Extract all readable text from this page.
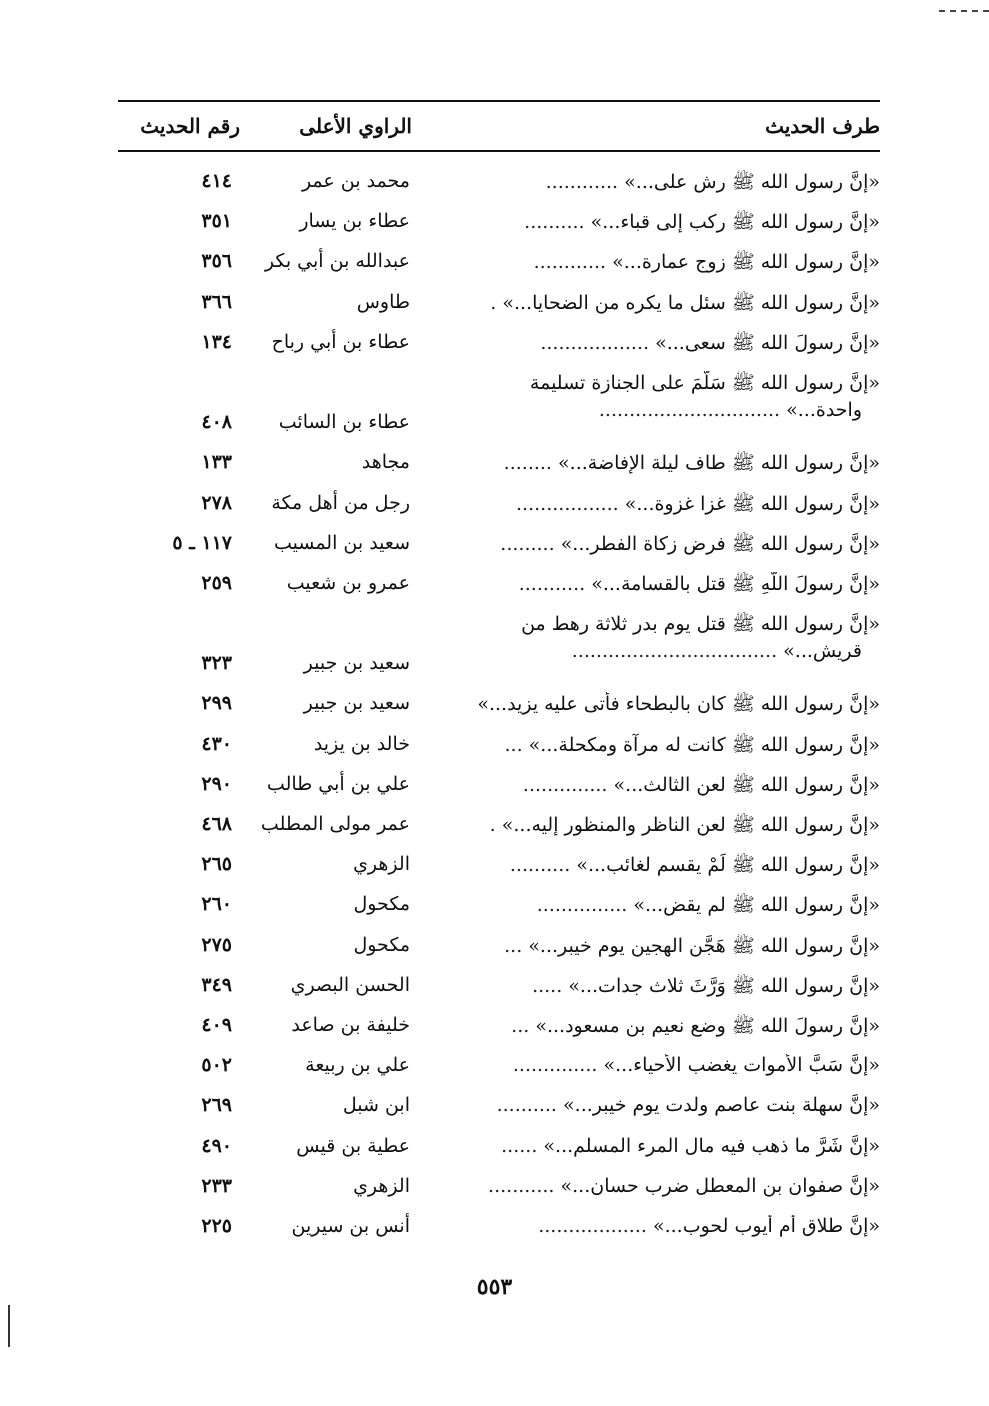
طرف الحديث
الراوي الأعلى
رقم الحديث
«إنَّ رسول الله ﷺ رش على...» ............
محمد بن عمر
٤١٤
«إنَّ رسول الله ﷺ ركب إلى قباء...» ..........
عطاء بن يسار
٣٥١
«إنَّ رسول الله ﷺ زوج عمارة...» ............
عبدالله بن أبي بكر
٣٥٦
«إنَّ رسول الله ﷺ سئل ما يكره من الضحايا...» .
طاوس
٣٦٦
«إنَّ رسولَ الله ﷺ سعى...» ..................
عطاء بن أبي رباح
١٣٤
«إنَّ رسول الله ﷺ سَلَّمَ على الجنازة تسليمة

واحدة...» ..............................
عطاء بن السائب
٤٠٨
«إنَّ رسول الله ﷺ طاف ليلة الإفاضة...» ........
مجاهد
١٣٣
«إنَّ رسول الله ﷺ غزا غزوة...» .................
رجل من أهل مكة
٢٧٨
«إنَّ رسول الله ﷺ فرض زكاة الفطر...» .........
سعيد بن المسيب
١١٧ ـ ٥
«إنَّ رسولَ اللَّهِ ﷺ قتل بالقسامة...» ...........
عمرو بن شعيب
٢٥٩
«إنَّ رسول الله ﷺ قتل يوم بدر ثلاثة رهط من

قريش...» ..................................
سعيد بن جبير
٣٢٣
«إنَّ رسول الله ﷺ كان بالبطحاء فأتى عليه يزيد...»
سعيد بن جبير
٢٩٩
«إنَّ رسول الله ﷺ كانت له مرآة ومكحلة...» ...
خالد بن يزيد
٤٣٠
«إنَّ رسول الله ﷺ لعن الثالث...» ..............
علي بن أبي طالب
٢٩٠
«إنَّ رسول الله ﷺ لعن الناظر والمنظور إليه...» .
عمر مولى المطلب
٤٦٨
«إنَّ رسول الله ﷺ لَمْ يقسم لغائب...» ..........
الزهري
٢٦٥
«إنَّ رسول الله ﷺ لم يقض...» ...............
مكحول
٢٦٠
«إنَّ رسول الله ﷺ هَجَّن الهجين يوم خيبر...» ...
مكحول
٢٧٥
«إنَّ رسول الله ﷺ وَرَّثَ ثلاث جدات...» .....
الحسن البصري
٣٤٩
«إنَّ رسولَ الله ﷺ وضع نعيم بن مسعود...» ...
خليفة بن صاعد
٤٠٩
«إنَّ سَبَّ الأموات يغضب الأحياء...» ..............
علي بن ربيعة
٥٠٢
«إنَّ سهلة بنت عاصم ولدت يوم خيبر...» ..........
ابن شبل
٢٦٩
«إنَّ شَرَّ ما ذهب فيه مال المرء المسلم...» ......
عطية بن قيس
٤٩٠
«إنَّ صفوان بن المعطل ضرب حسان...» ...........
الزهري
٢٣٣
«إنَّ طلاق أم أيوب لحوب...» ..................
أنس بن سيرين
٢٢٥
٥٥٣
